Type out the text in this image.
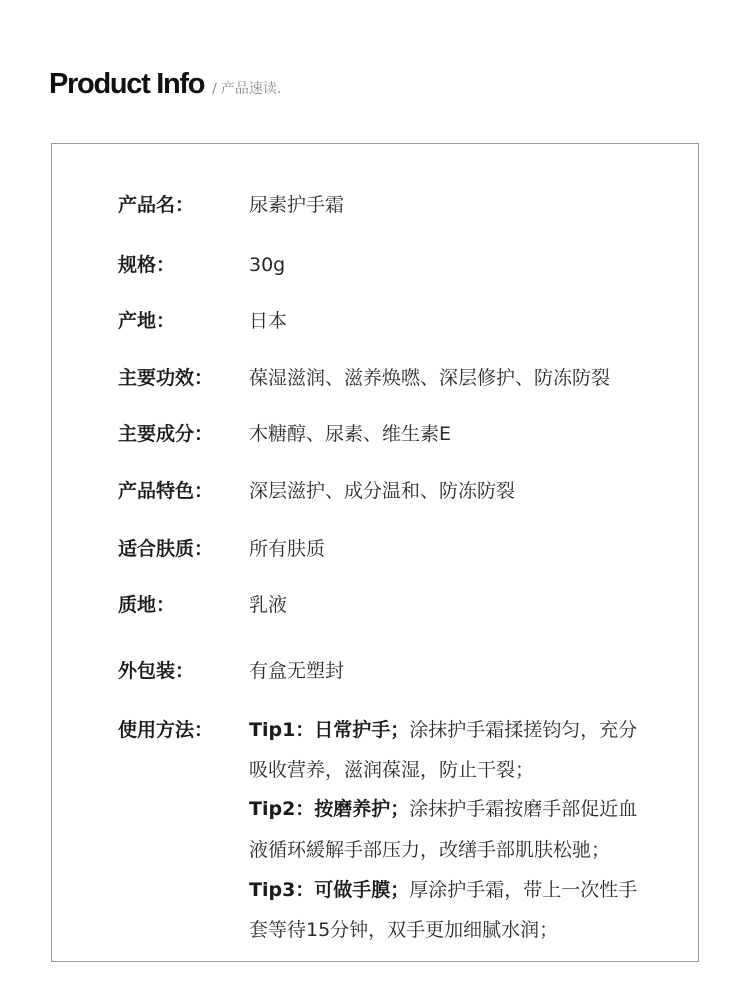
Product Info / 产品速读.
产品名：	尿素护手霜
规格：	30g
产地：	日本
主要功效： 葆湿滋润、滋养焕嘫、深层修护、防冻防裂
主要成分： 木糖醇、尿素、维生素E
产品特色： 深层滋护、成分温和、防冻防裂
适合肤质： 所有肤质
质地：	乳液
外包装：	有盒无塑封
使用方法： Tip1：日常护手；涂抹护手霜揉搓钧匀，充分
吸收营养，滋润葆湿，防止干裂；
Tip2：按磨养护；涂抹护手霜按磨手部促近血
液循环緩解手部压力，改缮手部肌肤松驰；
Tip3：可做手膜；厚涂护手霜，带上一次性手
套等待15分钟，双手更加细腻水润；
